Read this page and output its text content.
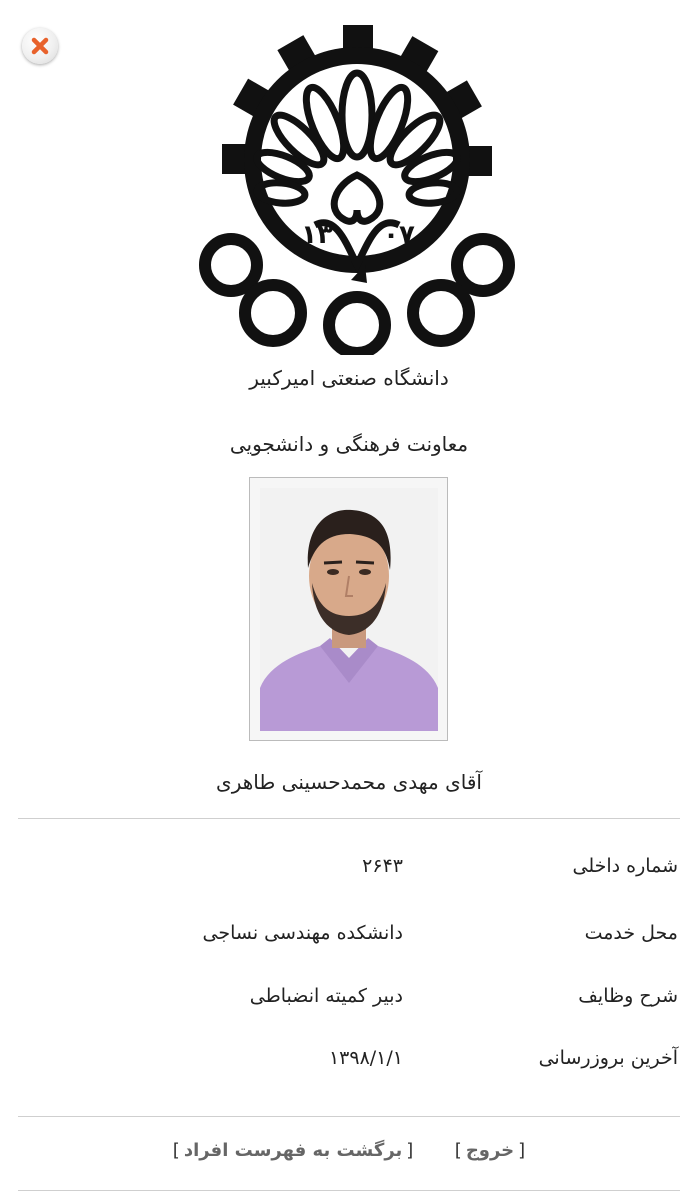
۱۳ ۰۷
دانشگاه صنعتی امیرکبیر
معاونت فرهنگی و دانشجویی
آقای مهدی محمدحسینی طاهری
شماره داخلی
۲۶۴۳
محل خدمت
دانشکده مهندسی نساجی
شرح وظایف
دبیر کمیته انضباطی
آخرین بروزرسانی
۱۳۹۸/۱/۱
[خروج]  [برگشت به فهرست افراد]
